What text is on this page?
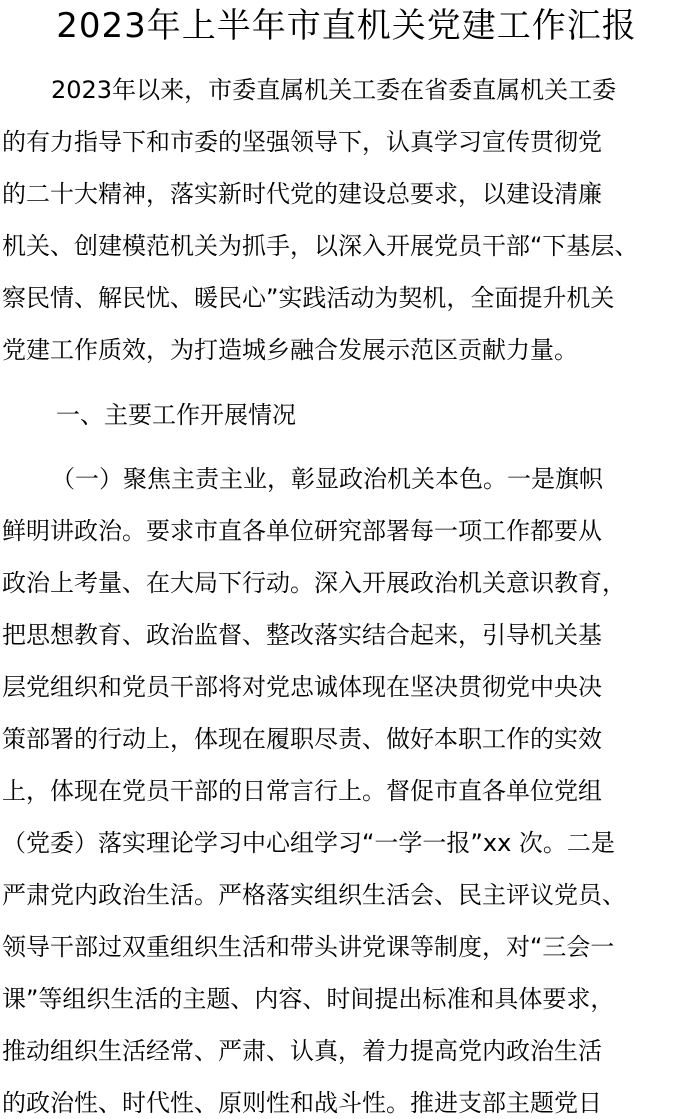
2023年上半年市直机关党建工作汇报
2023年以来，市委直属机关工委在省委直属机关工委
的有力指导下和市委的坚强领导下，认真学习宣传贯彻党
的二十大精神，落实新时代党的建设总要求，以建设清廉
机关、创建模范机关为抓手，以深入开展党员干部“下基层、
察民情、解民忧、暖民心”实践活动为契机，全面提升机关
党建工作质效，为打造城乡融合发展示范区贡献力量。
一、主要工作开展情况
（一）聚焦主责主业，彰显政治机关本色。一是旗帜
鲜明讲政治。要求市直各单位研究部署每一项工作都要从
政治上考量、在大局下行动。深入开展政治机关意识教育，
把思想教育、政治监督、整改落实结合起来，引导机关基
层党组织和党员干部将对党忠诚体现在坚决贯彻党中央决
策部署的行动上，体现在履职尽责、做好本职工作的实效
上，体现在党员干部的日常言行上。督促市直各单位党组
（党委）落实理论学习中心组学习“一学一报”xx 次。二是
严肃党内政治生活。严格落实组织生活会、民主评议党员、
领导干部过双重组织生活和带头讲党课等制度，对“三会一
课”等组织生活的主题、内容、时间提出标准和具体要求，
推动组织生活经常、严肃、认真，着力提高党内政治生活
的政治性、时代性、原则性和战斗性。推进支部主题党日
